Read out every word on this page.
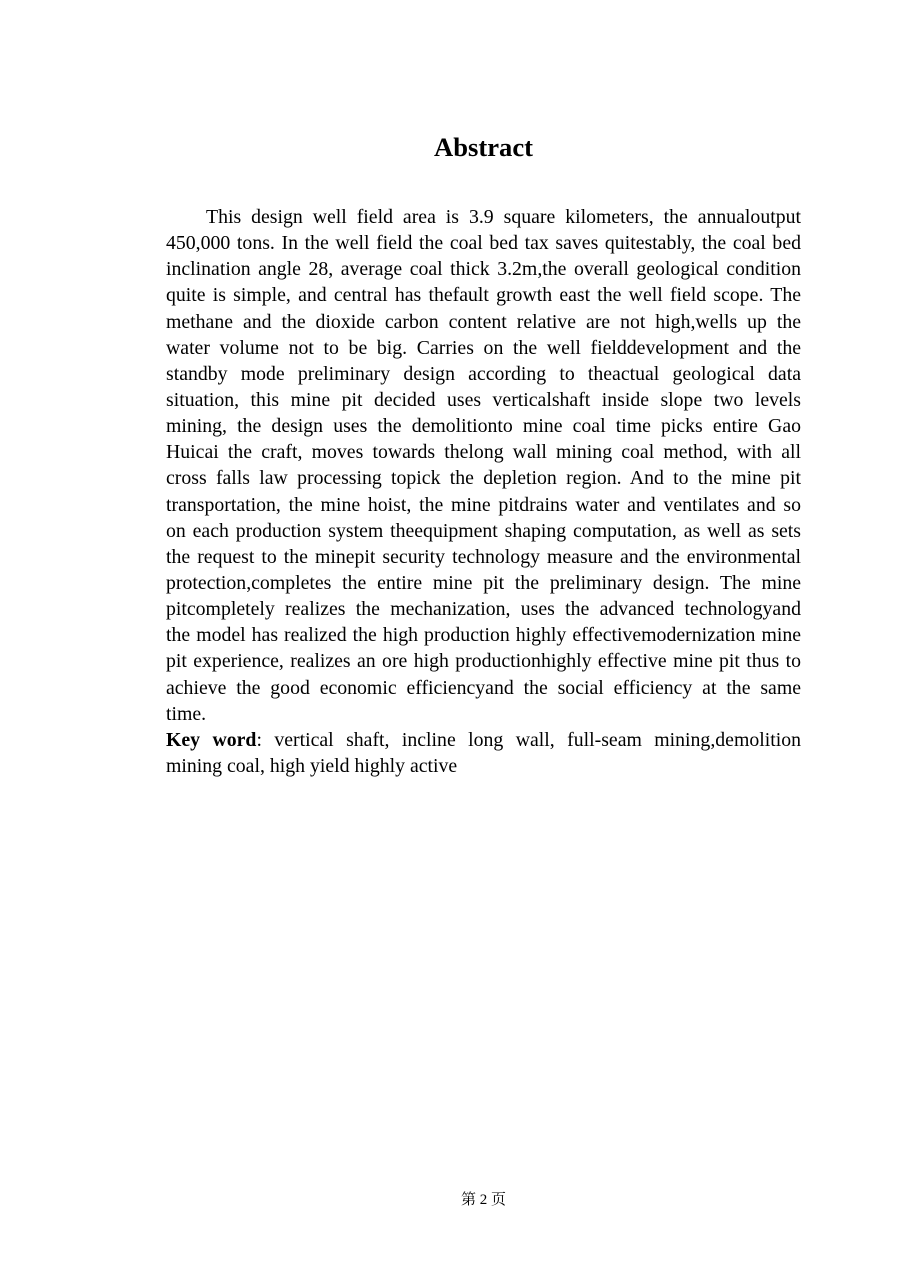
Abstract
This design well field area is 3.9 square kilometers, the annualoutput
450,000 tons. In the well field the coal bed tax saves quitestably, the coal bed
inclination angle 28, average coal thick 3.2m,the overall geological condition
quite is simple, and central has thefault growth east the well field scope. The
methane and the dioxide carbon content relative are not high,wells up the
water volume not to be big. Carries on the well fielddevelopment and the
standby mode preliminary design according to theactual geological data
situation, this mine pit decided uses verticalshaft inside slope two levels
mining, the design uses the demolitionto mine coal time picks entire Gao
Huicai the craft, moves towards thelong wall mining coal method, with all
cross falls law processing topick the depletion region. And to the mine pit
transportation, the mine hoist, the mine pitdrains water and ventilates and so
on each production system theequipment shaping computation, as well as sets
the request to the minepit security technology measure and the environmental
protection,completes the entire mine pit the preliminary design. The mine
pitcompletely realizes the mechanization, uses the advanced technologyand
the model has realized the high production highly effectivemodernization mine
pit experience, realizes an ore high productionhighly effective mine pit thus to
achieve the good economic efficiencyand the social efficiency at the same
time.
Key word: vertical shaft, incline long wall, full-seam mining,demolition
mining coal, high yield highly active
第 2 页
